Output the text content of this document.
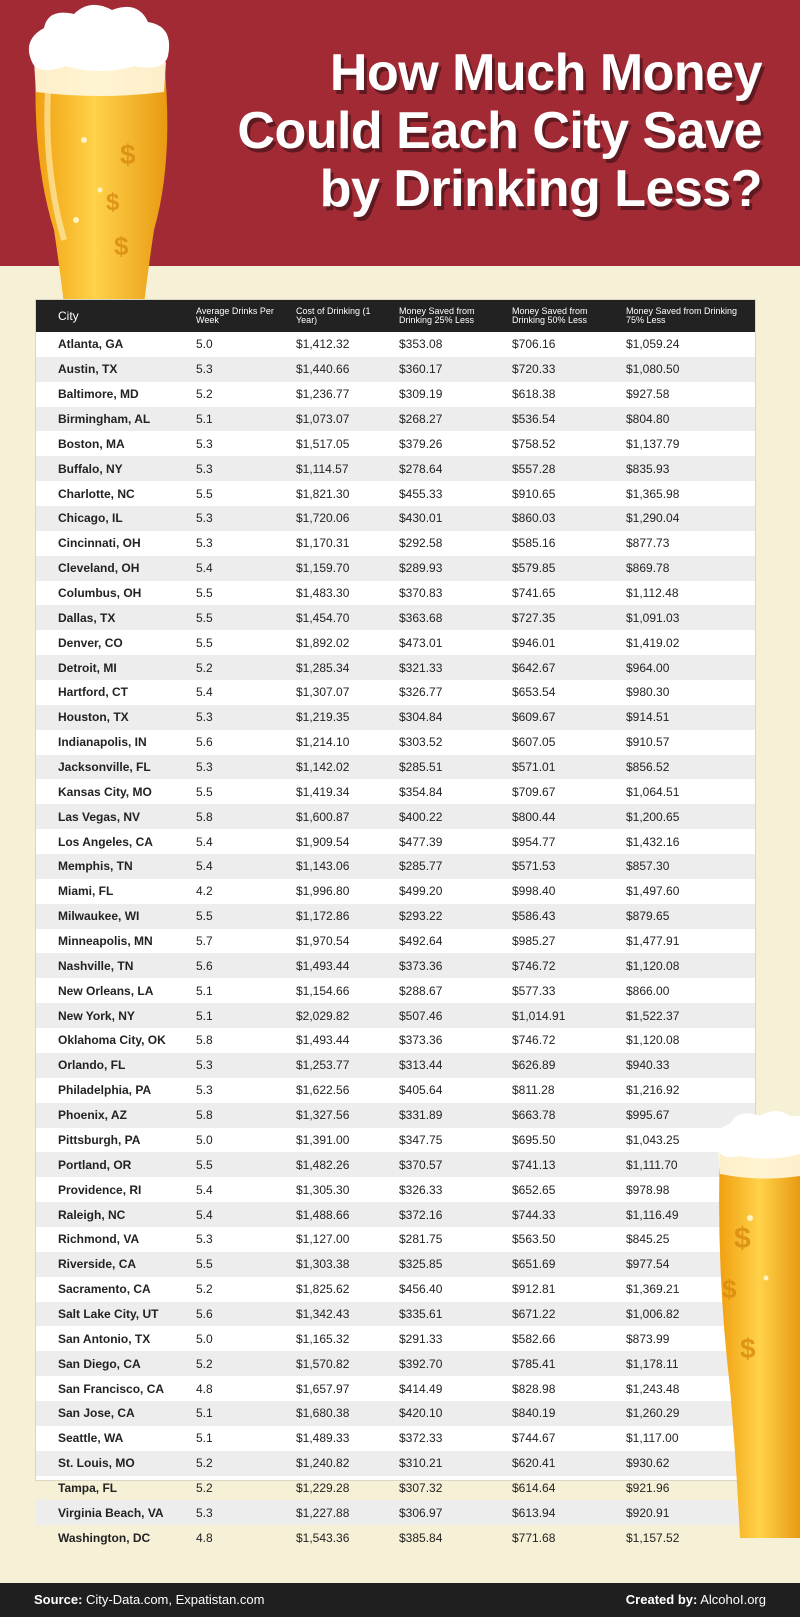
How Much Money
Could Each City Save
by Drinking Less?
$
$
$
City	Average Drinks Per Week	Cost of Drinking (1 Year)	Money Saved from Drinking 25% Less	Money Saved from Drinking 50% Less	Money Saved from Drinking 75% Less
Atlanta, GA	5.0	$1,412.32	$353.08	$706.16	$1,059.24
Austin, TX	5.3	$1,440.66	$360.17	$720.33	$1,080.50
Baltimore, MD	5.2	$1,236.77	$309.19	$618.38	$927.58
Birmingham, AL	5.1	$1,073.07	$268.27	$536.54	$804.80
Boston, MA	5.3	$1,517.05	$379.26	$758.52	$1,137.79
Buffalo, NY	5.3	$1,114.57	$278.64	$557.28	$835.93
Charlotte, NC	5.5	$1,821.30	$455.33	$910.65	$1,365.98
Chicago, IL	5.3	$1,720.06	$430.01	$860.03	$1,290.04
Cincinnati, OH	5.3	$1,170.31	$292.58	$585.16	$877.73
Cleveland, OH	5.4	$1,159.70	$289.93	$579.85	$869.78
Columbus, OH	5.5	$1,483.30	$370.83	$741.65	$1,112.48
Dallas, TX	5.5	$1,454.70	$363.68	$727.35	$1,091.03
Denver, CO	5.5	$1,892.02	$473.01	$946.01	$1,419.02
Detroit, MI	5.2	$1,285.34	$321.33	$642.67	$964.00
Hartford, CT	5.4	$1,307.07	$326.77	$653.54	$980.30
Houston, TX	5.3	$1,219.35	$304.84	$609.67	$914.51
Indianapolis, IN	5.6	$1,214.10	$303.52	$607.05	$910.57
Jacksonville, FL	5.3	$1,142.02	$285.51	$571.01	$856.52
Kansas City, MO	5.5	$1,419.34	$354.84	$709.67	$1,064.51
Las Vegas, NV	5.8	$1,600.87	$400.22	$800.44	$1,200.65
Los Angeles, CA	5.4	$1,909.54	$477.39	$954.77	$1,432.16
Memphis, TN	5.4	$1,143.06	$285.77	$571.53	$857.30
Miami, FL	4.2	$1,996.80	$499.20	$998.40	$1,497.60
Milwaukee, WI	5.5	$1,172.86	$293.22	$586.43	$879.65
Minneapolis, MN	5.7	$1,970.54	$492.64	$985.27	$1,477.91
Nashville, TN	5.6	$1,493.44	$373.36	$746.72	$1,120.08
New Orleans, LA	5.1	$1,154.66	$288.67	$577.33	$866.00
New York, NY	5.1	$2,029.82	$507.46	$1,014.91	$1,522.37
Oklahoma City, OK	5.8	$1,493.44	$373.36	$746.72	$1,120.08
Orlando, FL	5.3	$1,253.77	$313.44	$626.89	$940.33
Philadelphia, PA	5.3	$1,622.56	$405.64	$811.28	$1,216.92
Phoenix, AZ	5.8	$1,327.56	$331.89	$663.78	$995.67
Pittsburgh, PA	5.0	$1,391.00	$347.75	$695.50	$1,043.25
Portland, OR	5.5	$1,482.26	$370.57	$741.13	$1,111.70
Providence, RI	5.4	$1,305.30	$326.33	$652.65	$978.98
Raleigh, NC	5.4	$1,488.66	$372.16	$744.33	$1,116.49
Richmond, VA	5.3	$1,127.00	$281.75	$563.50	$845.25
Riverside, CA	5.5	$1,303.38	$325.85	$651.69	$977.54
Sacramento, CA	5.2	$1,825.62	$456.40	$912.81	$1,369.21
Salt Lake City, UT	5.6	$1,342.43	$335.61	$671.22	$1,006.82
San Antonio, TX	5.0	$1,165.32	$291.33	$582.66	$873.99
San Diego, CA	5.2	$1,570.82	$392.70	$785.41	$1,178.11
San Francisco, CA	4.8	$1,657.97	$414.49	$828.98	$1,243.48
San Jose, CA	5.1	$1,680.38	$420.10	$840.19	$1,260.29
Seattle, WA	5.1	$1,489.33	$372.33	$744.67	$1,117.00
St. Louis, MO	5.2	$1,240.82	$310.21	$620.41	$930.62
Tampa, FL	5.2	$1,229.28	$307.32	$614.64	$921.96
Virginia Beach, VA	5.3	$1,227.88	$306.97	$613.94	$920.91
Washington, DC	4.8	$1,543.36	$385.84	$771.68	$1,157.52
$
$
$
Source: City-Data.com, Expatistan.com	Created by: AlcohoI.org
